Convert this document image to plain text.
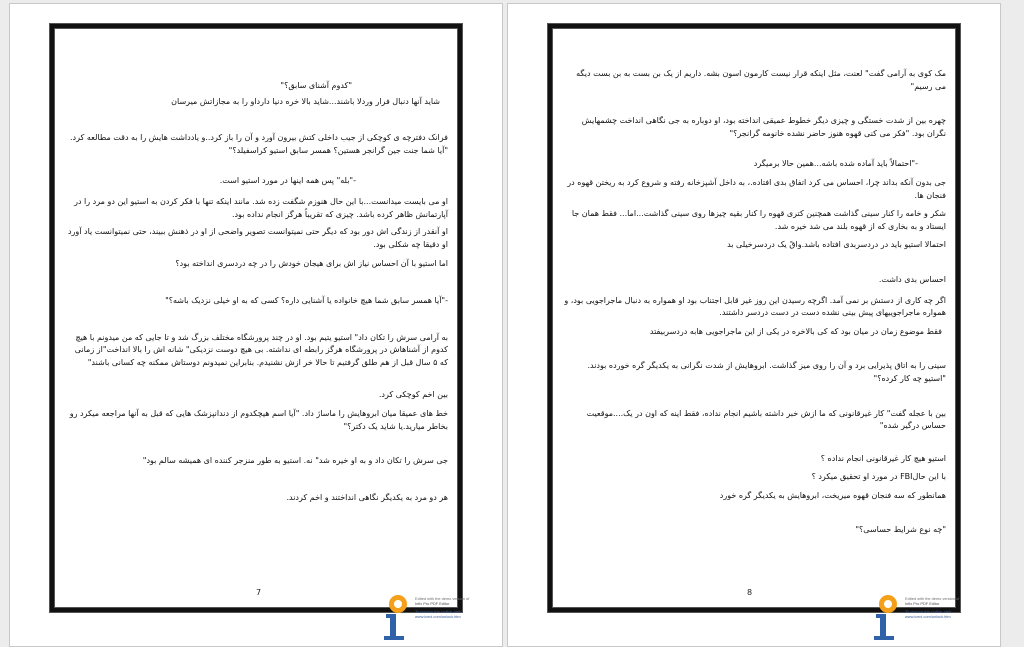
"کدوم آشنای سابق؟"

شاید آنها دنبال فرار وردلا باشند...شاید بالا خره دنیا دارداو را به مجازاتش میرسان

فرانک دفترچه ی کوچکی از جیب داخلی کتش بیرون آورد و آن را باز کرد..و یادداشت هایش را به دقت مطالعه کرد. "آیا شما جنت جین گرانجر هستین؟ همسر سابق استیو کراسفیلد؟"

-"بله" پس همه اینها در مورد استیو است.

او می بایست میدانست...با این حال هنوزم شگفت زده شد. مانند اینکه تنها با فکر کردن به استیو این دو مرد را در آپارتمانش ظاهر کرده باشد. چیزی که تقریباً هرگز انجام نداده بود.

او آنقدر از زندگی اش دور بود که دیگر حتی نمیتوانست تصویر واضحی از او در ذهنش ببیند، حتی نمیتوانست یاد آورد او دقیقا چه شکلی بود.

اما استیو با آن احساس نیاز اش برای هیجان خودش را در چه دردسری انداخته بود؟

-"آیا همسر سابق شما هیچ خانواده یا آشنایی داره؟ کسی که به او خیلی نزدیک باشه؟"

به آرامی سرش را تکان داد" استیو یتیم بود. او در چند پرورشگاه مختلف بزرگ شد و تا جایی که من میدونم با هیچ کدوم از آشناهاش در پرورشگاه هرگز رابطه ای نداشته. بی هیچ دوست نزدیکی" شانه اش را بالا انداخت"از زمانی که ۵ سال قبل از هم طلق گرفتیم تا حالا خر ازش نشنیدم. بنابراین نمیدونم دوستاش ممکنه چه کسانی باشند"

بین اخم کوچکی کرد.

خط های عمیقا میان ابروهایش را ماساژ داد. "آیا اسم هیچکدوم از دندانپزشک هایی که قبل به آنها مراجعه میکرد رو بخاطر میارید.یا شاید یک دکتر؟"

جی سرش را تکان داد و به او خیره شد" نه. استیو به طور منزجر کننده ای همیشه سالم بود"

هر دو مرد به یکدیگر نگاهی انداختند و اخم کردند.

7
Edited with the demo version of
Infix Pro PDF Editor
To remove this notice, visit:
www.iceni.com/unlock.htm

مک کوی به آرامی گفت" لعنت، مثل اینکه قرار نیست کارمون اسون بشه. داریم از یک بن بست به بن بست دیگه می رسیم"

چهره بین از شدت خستگی و چیزی دیگر خطوط عمیقی انداخته بود، او دوباره به جی نگاهی انداخت چشمهایش نگران بود. "فکر می کنی قهوه هنوز حاضر نشده خانومه گرانجر؟"

-"احتمالاً باید آماده شده باشه...همین حالا برمیگرد

جی بدون آنکه بداند چرا، احساس می کرد اتفاق بدی افتاده.، به داخل آشپزخانه رفته و شروع کرد به ریختن قهوه در فنجان ها.

شکر و خامه را کنار سینی گذاشت همچنین کتری قهوه را کنار بقیه چیزها روی سینی گذاشت...اما... فقط همان جا ایستاد و به بخاری که از قهوه بلند می شد خیره شد.

احتمالا استیو باید در دردسربدی افتاده باشد.واقً یک دردسرخیلی بد

احساس بدی داشت.

اگر چه کاری از دستش بر نمی آمد. اگرچه رسیدن این روز غیر قابل اجتناب بود او همواره به دنبال ماجراجویی بود، و همواره ماجراجوییهای پیش بینی نشده دست در دست دردسر داشتند.

فقط موضوع زمان در میان بود که کی بالاخره در یکی از این ماجراجویی هابه دردسربیفتد

سینی را به اتاق پذیرایی برد و آن را روی میز گذاشت. ابروهایش از شدت نگرانی به یکدیگر گره خورده بودند. "استیو چه کار کرده؟"

بین با عجله گفت" کار غیرقانونی که ما ازش خبر داشته باشیم انجام نداده، فقط اینه که اون در یک....موقعیت حساس درگیر شده"

استیو هیچ کار غیرقانونی انجام نداده ؟

با این حالFBI در مورد او تحقیق میکرد ؟

همانطور که سه فنجان قهوه میریخت، ابروهایش به یکدیگر گره خورد

"چه نوع شرایط حساسی؟"

8
Edited with the demo version of
Infix Pro PDF Editor
To remove this notice, visit:
www.iceni.com/unlock.htm
